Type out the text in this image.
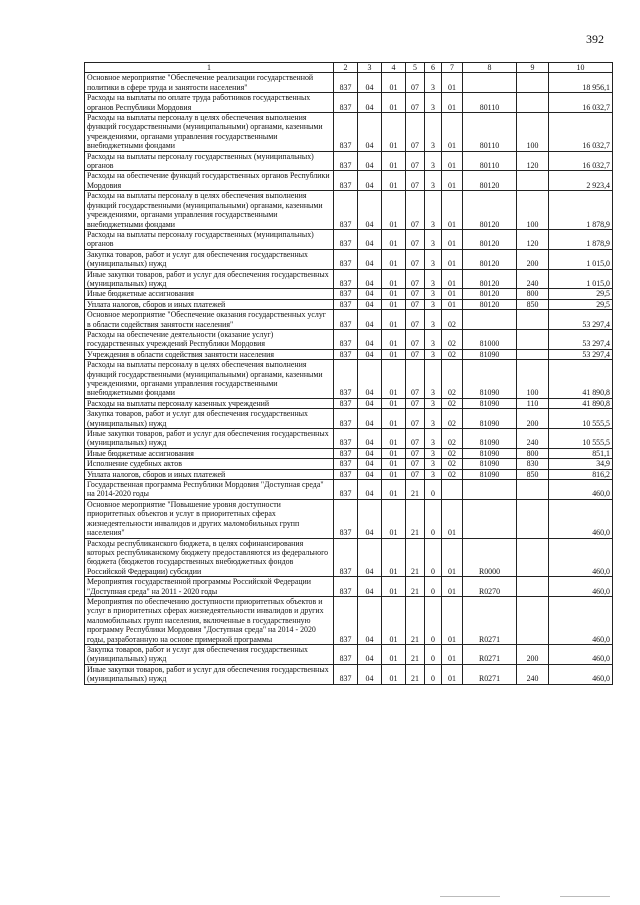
392
1	2	3	4	5	6	7	8	9	10
Основное мероприятие "Обеспечение реализации государственной политики в сфере труда и занятости населения"	837	04	01	07	3	01			18 956,1
Расходы на выплаты по оплате труда работников государственных органов Республики Мордовия	837	04	01	07	3	01	80110		16 032,7
Расходы на выплаты персоналу в целях обеспечения выполнения функций государственными (муниципальными) органами, казенными учреждениями, органами управления государственными внебюджетными фондами	837	04	01	07	3	01	80110	100	16 032,7
Расходы на выплаты персоналу государственных (муниципальных) органов	837	04	01	07	3	01	80110	120	16 032,7
Расходы на обеспечение функций государственных органов Республики Мордовия	837	04	01	07	3	01	80120		2 923,4
Расходы на выплаты персоналу в целях обеспечения выполнения функций государственными (муниципальными) органами, казенными учреждениями, органами управления государственными внебюджетными фондами	837	04	01	07	3	01	80120	100	1 878,9
Расходы на выплаты персоналу государственных (муниципальных) органов	837	04	01	07	3	01	80120	120	1 878,9
Закупка товаров, работ и услуг для обеспечения государственных (муниципальных) нужд	837	04	01	07	3	01	80120	200	1 015,0
Иные закупки товаров, работ и услуг для обеспечения государственных (муниципальных) нужд	837	04	01	07	3	01	80120	240	1 015,0
Иные бюджетные ассигнования	837	04	01	07	3	01	80120	800	29,5
Уплата налогов, сборов и иных платежей	837	04	01	07	3	01	80120	850	29,5
Основное мероприятие "Обеспечение оказания государственных услуг в области содействия занятости населения"	837	04	01	07	3	02			53 297,4
Расходы на обеспечение деятельности (оказание услуг) государственных учреждений Республики Мордовия	837	04	01	07	3	02	81000		53 297,4
Учреждения в области содействия занятости населения	837	04	01	07	3	02	81090		53 297,4
Расходы на выплаты персоналу в целях обеспечения выполнения функций государственными (муниципальными) органами, казенными учреждениями, органами управления государственными внебюджетными фондами	837	04	01	07	3	02	81090	100	41 890,8
Расходы на выплаты персоналу казенных учреждений	837	04	01	07	3	02	81090	110	41 890,8
Закупка товаров, работ и услуг для обеспечения государственных (муниципальных) нужд	837	04	01	07	3	02	81090	200	10 555,5
Иные закупки товаров, работ и услуг для обеспечения государственных (муниципальных) нужд	837	04	01	07	3	02	81090	240	10 555,5
Иные бюджетные ассигнования	837	04	01	07	3	02	81090	800	851,1
Исполнение судебных актов	837	04	01	07	3	02	81090	830	34,9
Уплата налогов, сборов и иных платежей	837	04	01	07	3	02	81090	850	816,2
Государственная программа Республики Мордовия "Доступная среда" на 2014-2020 годы	837	04	01	21	0				460,0
Основное мероприятие "Повышение уровня доступности приоритетных объектов и услуг в приоритетных сферах жизнедеятельности инвалидов и других маломобильных групп населения"	837	04	01	21	0	01			460,0
Расходы республиканского бюджета, в целях софинансирования которых республиканскому бюджету предоставляются из федерального бюджета (бюджетов государственных внебюджетных фондов Российской Федерации) субсидии	837	04	01	21	0	01	R0000		460,0
Мероприятия государственной программы Российской Федерации "Доступная среда" на 2011 - 2020 годы	837	04	01	21	0	01	R0270		460,0
Мероприятия по обеспечению доступности приоритетных объектов и услуг в приоритетных сферах жизнедеятельности инвалидов и других маломобильных групп населения, включенные в государственную программу Республики Мордовия "Доступная среда" на 2014 - 2020 годы, разработанную на основе примерной программы	837	04	01	21	0	01	R0271		460,0
Закупка товаров, работ и услуг для обеспечения государственных (муниципальных) нужд	837	04	01	21	0	01	R0271	200	460,0
Иные закупки товаров, работ и услуг для обеспечения государственных (муниципальных) нужд	837	04	01	21	0	01	R0271	240	460,0
